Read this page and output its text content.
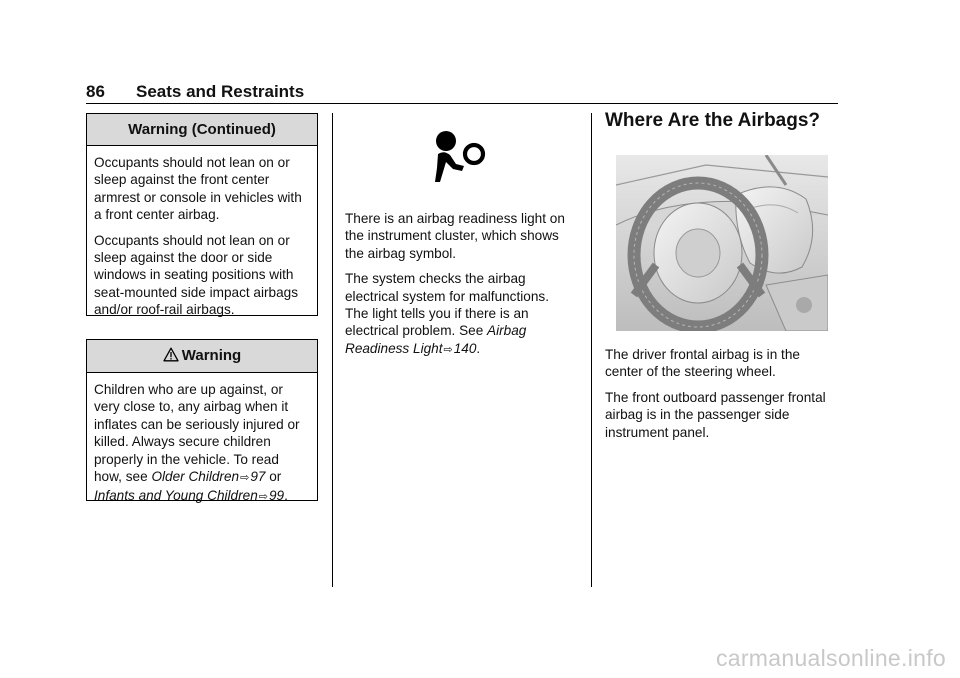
86 Seats and Restraints
Warning (Continued)

Occupants should not lean on or sleep against the front center armrest or console in vehicles with a front center airbag.

Occupants should not lean on or sleep against the door or side windows in seating positions with seat-mounted side impact airbags and/or roof-rail airbags.

Warning

Children who are up against, or very close to, any airbag when it inflates can be seriously injured or killed. Always secure children properly in the vehicle. To read how, see Older Children⇨97 or Infants and Young Children⇨99.

There is an airbag readiness light on the instrument cluster, which shows the airbag symbol.

The system checks the airbag electrical system for malfunctions. The light tells you if there is an electrical problem. See Airbag Readiness Light⇨140.

Where Are the Airbags?

The driver frontal airbag is in the center of the steering wheel.

The front outboard passenger frontal airbag is in the passenger side instrument panel.

carmanualsonline.info
